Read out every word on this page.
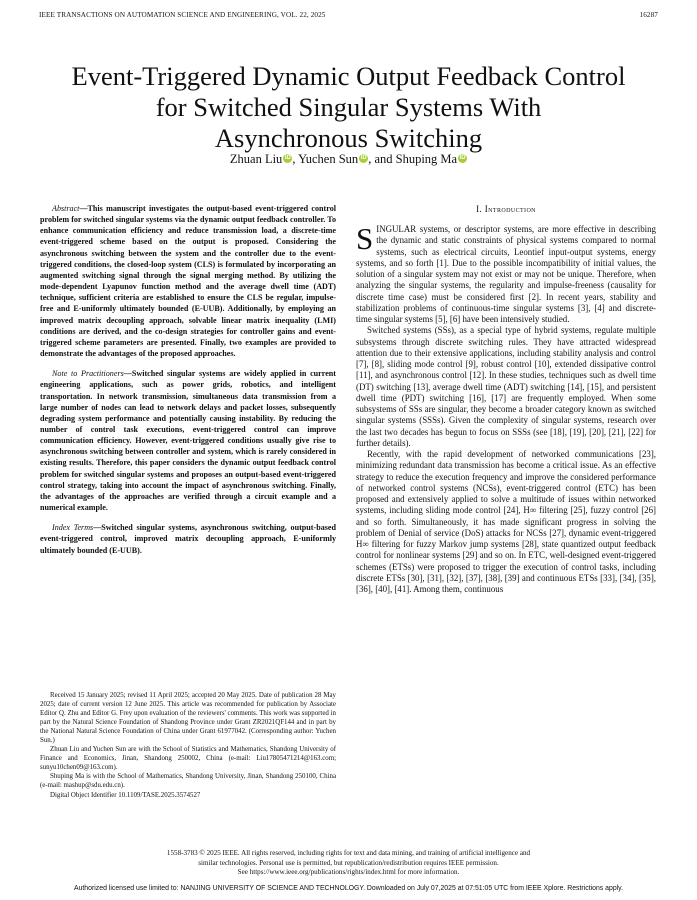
IEEE TRANSACTIONS ON AUTOMATION SCIENCE AND ENGINEERING, VOL. 22, 2025	16287
Event-Triggered Dynamic Output Feedback Control
for Switched Singular Systems With
Asynchronous Switching
Zhuan Liu iD , Yuchen Sun iD , and Shuping Ma iD

Abstract—This manuscript investigates the output-based event-triggered control problem for switched singular systems via the dynamic output feedback controller. To enhance communication efficiency and reduce transmission load, a discrete-time event-triggered scheme based on the output is proposed. Considering the asynchronous switching between the system and the controller due to the event-triggered conditions, the closed-loop system (CLS) is formulated by incorporating an augmented switching signal through the signal merging method. By utilizing the mode-dependent Lyapunov function method and the average dwell time (ADT) technique, sufficient criteria are established to ensure the CLS be regular, impulse-free and E-uniformly ultimately bounded (E-UUB). Additionally, by employing an improved matrix decoupling approach, solvable linear matrix inequality (LMI) conditions are derived, and the co-design strategies for controller gains and event-triggered scheme parameters are presented. Finally, two examples are provided to demonstrate the advantages of the proposed approaches.

Note to Practitioners—Switched singular systems are widely applied in current engineering applications, such as power grids, robotics, and intelligent transportation. In network transmission, simultaneous data transmission from a large number of nodes can lead to network delays and packet losses, subsequently degrading system performance and potentially causing instability. By reducing the number of control task executions, event-triggered control can improve communication efficiency. However, event-triggered conditions usually give rise to asynchronous switching between controller and system, which is rarely considered in existing results. Therefore, this paper considers the dynamic output feedback control problem for switched singular systems and proposes an output-based event-triggered control strategy, taking into account the impact of asynchronous switching. Finally, the advantages of the approaches are verified through a circuit example and a numerical example.

Index Terms—Switched singular systems, asynchronous switching, output-based event-triggered control, improved matrix decoupling approach, E-uniformly ultimately bounded (E-UUB).

Received 15 January 2025; revised 11 April 2025; accepted 20 May 2025. Date of publication 28 May 2025; date of current version 12 June 2025. This article was recommended for publication by Associate Editor Q. Zhu and Editor G. Frey upon evaluation of the reviewers' comments. This work was supported in part by the Natural Science Foundation of Shandong Province under Grant ZR2021QF144 and in part by the National Natural Science Foundation of China under Grant 61977042. (Corresponding author: Yuchen Sun.)

Zhuan Liu and Yuchen Sun are with the School of Statistics and Mathematics, Shandong University of Finance and Economics, Jinan, Shandong 250002, China (e-mail: Liu17805471214@163.com; sunyu10chen09@163.com).

Shuping Ma is with the School of Mathematics, Shandong University, Jinan, Shandong 250100, China (e-mail: mashup@sdu.edu.cn).

Digital Object Identifier 10.1109/TASE.2025.3574527

I. Introduction

SINGULAR systems, or descriptor systems, are more effective in describing the dynamic and static constraints of physical systems compared to normal systems, such as electrical circuits, Leontief input-output systems, energy systems, and so forth [1]. Due to the possible incompatibility of initial values, the solution of a singular system may not exist or may not be unique. Therefore, when analyzing the singular systems, the regularity and impulse-freeness (causality for discrete time case) must be considered first [2]. In recent years, stability and stabilization problems of continuous-time singular systems [3], [4] and discrete-time singular systems [5], [6] have been intensively studied.

Switched systems (SSs), as a special type of hybrid systems, regulate multiple subsystems through discrete switching rules. They have attracted widespread attention due to their extensive applications, including stability analysis and control [7], [8], sliding mode control [9], robust control [10], extended dissipative control [11], and asynchronous control [12]. In these studies, techniques such as dwell time (DT) switching [13], average dwell time (ADT) switching [14], [15], and persistent dwell time (PDT) switching [16], [17] are frequently employed. When some subsystems of SSs are singular, they become a broader category known as switched singular systems (SSSs). Given the complexity of singular systems, research over the last two decades has begun to focus on SSSs (see [18], [19], [20], [21], [22] for further details).

Recently, with the rapid development of networked communications [23], minimizing redundant data transmission has become a critical issue. As an effective strategy to reduce the execution frequency and improve the considered performance of networked control systems (NCSs), event-triggered control (ETC) has been proposed and extensively applied to solve a multitude of issues within networked systems, including sliding mode control [24], H∞ filtering [25], fuzzy control [26] and so forth. Simultaneously, it has made significant progress in solving the problem of Denial of service (DoS) attacks for NCSs [27], dynamic event-triggered H∞ filtering for fuzzy Markov jump systems [28], state quantized output feedback control for nonlinear systems [29] and so on. In ETC, well-designed event-triggered schemes (ETSs) were proposed to trigger the execution of control tasks, including discrete ETSs [30], [31], [32], [37], [38], [39] and continuous ETSs [33], [34], [35], [36], [40], [41]. Among them, continuous

1558-3783 © 2025 IEEE. All rights reserved, including rights for text and data mining, and training of artificial intelligence and
similar technologies. Personal use is permitted, but republication/redistribution requires IEEE permission.
See https://www.ieee.org/publications/rights/index.html for more information.
Authorized licensed use limited to: NANJING UNIVERSITY OF SCIENCE AND TECHNOLOGY. Downloaded on July 07,2025 at 07:51:05 UTC from IEEE Xplore. Restrictions apply.
